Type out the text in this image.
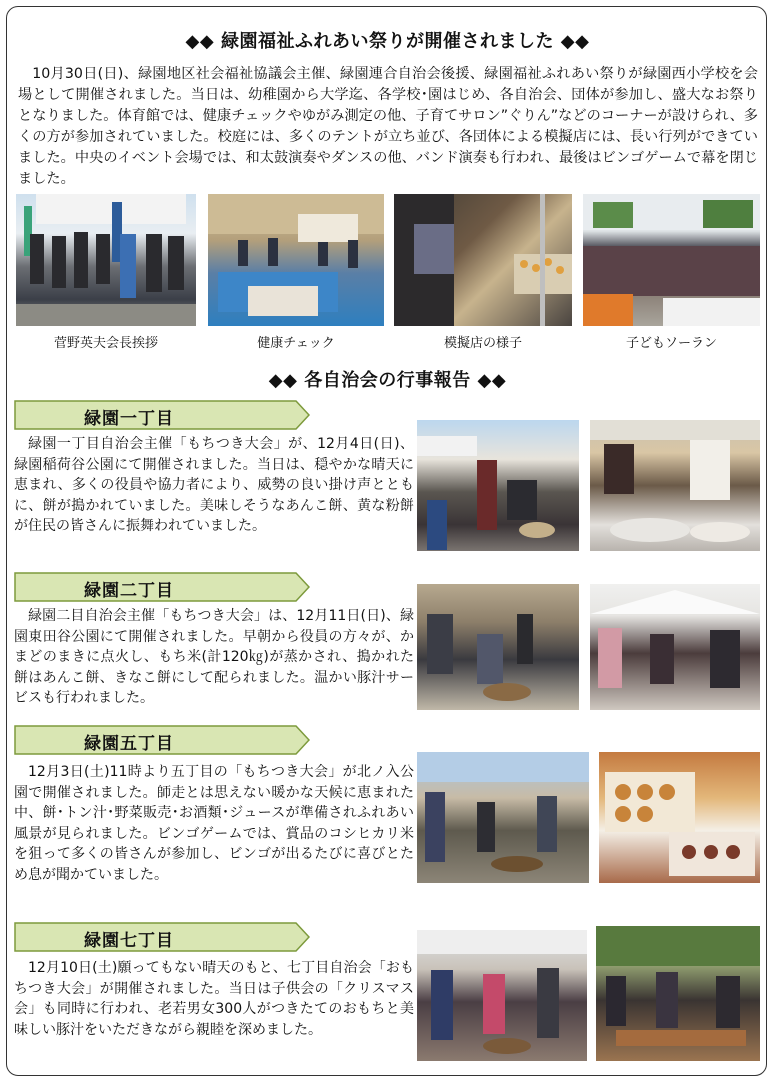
◆◆ 緑園福祉ふれあい祭りが開催されました ◆◆
10月30日(日)、緑園地区社会福祉協議会主催、緑園連合自治会後援、緑園福祉ふれあい祭りが緑園西小学校を会場として開催されました。当日は、幼稚園から大学迄、各学校･園はじめ、各自治会、団体が参加し、盛大なお祭りとなりました。体育館では、健康チェックやゆがみ測定の他、子育てサロン”ぐりん”などのコーナーが設けられ、多くの方が参加されていました。校庭には、多くのテントが立ち並び、各団体による模擬店には、長い行列ができていました。中央のイベント会場では、和太鼓演奏やダンスの他、バンド演奏も行われ、最後はビンゴゲームで幕を閉じました。
菅野英夫会長挨拶	健康チェック	模擬店の様子	子どもソーラン
◆◆ 各自治会の行事報告 ◆◆
緑園一丁目
緑園一丁目自治会主催「もちつき大会」が、12月4日(日)、緑園稲荷谷公園にて開催されました。当日は、穏やかな晴天に恵まれ、多くの役員や協力者により、威勢の良い掛け声とともに、餅が搗かれていました。美味しそうなあんこ餅、黄な粉餅が住民の皆さんに振舞われていました。
緑園二丁目
緑園二目自治会主催「もちつき大会」は、12月11日(日)、緑園東田谷公園にて開催されました。早朝から役員の方々が、かまどのまきに点火し、もち米(計120㎏)が蒸かされ、搗かれた餅はあんこ餅、きなこ餅にして配られました。温かい豚汁サービスも行われました。
緑園五丁目
12月3日(土)11時より五丁目の「もちつき大会」が北ノ入公園で開催されました。師走とは思えない暖かな天候に恵まれた中、餅･トン汁･野菜販売･お酒類･ジュースが準備されふれあい風景が見られました。ビンゴゲームでは、賞品のコシヒカリ米を狙って多くの皆さんが参加し、ビンゴが出るたびに喜びとため息が聞かていました。
緑園七丁目
12月10日(土)願ってもない晴天のもと、七丁目自治会「おもちつき大会」が開催されました。当日は子供会の「クリスマス会」も同時に行われ、老若男女300人がつきたてのおもちと美味しい豚汁をいただきながら親睦を深めました。
